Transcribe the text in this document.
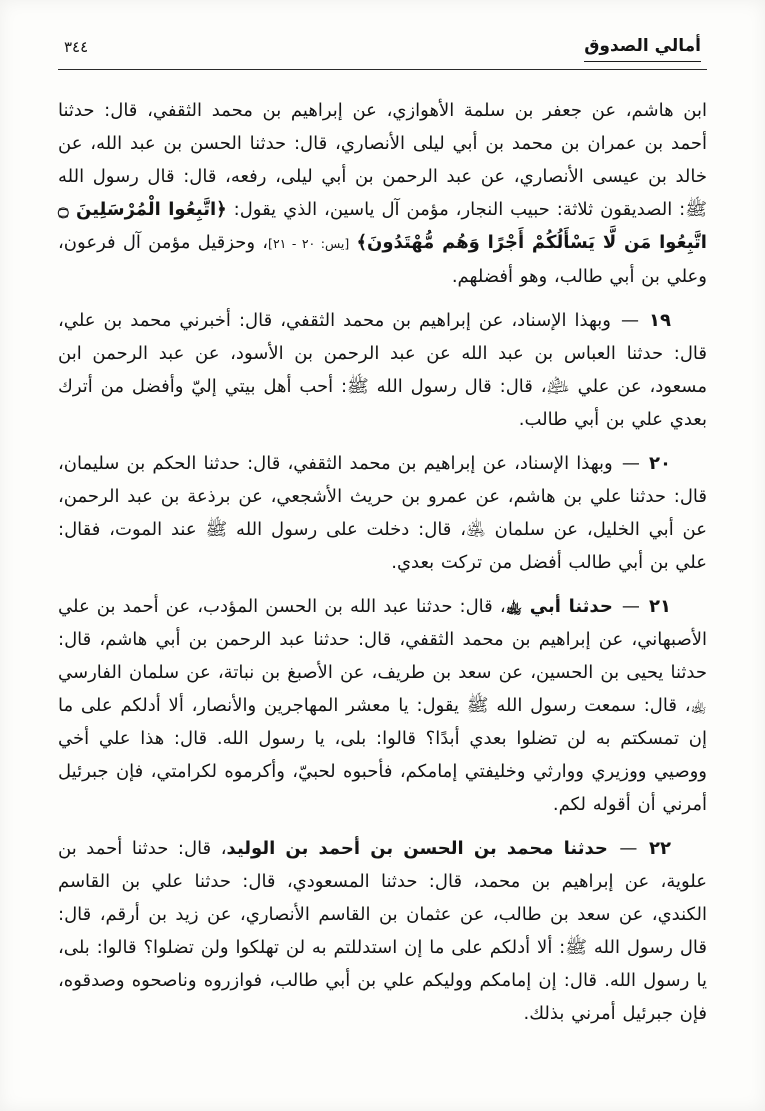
أمالي الصدوق
٣٤٤

ابن هاشم، عن جعفر بن سلمة الأهوازي، عن إبراهيم بن محمد الثقفي، قال: حدثنا أحمد بن عمران بن محمد بن أبي ليلى الأنصاري، قال: حدثنا الحسن بن عبد الله، عن خالد بن عيسى الأنصاري، عن عبد الرحمن بن أبي ليلى، رفعه، قال: قال رسول الله ﷺ: الصديقون ثلاثة: حبيب النجار، مؤمن آل ياسين، الذي يقول: ﴿اتَّبِعُوا الْمُرْسَلِينَ ۝ اتَّبِعُوا مَن لَّا يَسْأَلُكُمْ أَجْرًا وَهُم مُّهْتَدُونَ﴾ [يس: ٢٠ - ٢١]، وحزقيل مؤمن آل فرعون، وعلي بن أبي طالب، وهو أفضلهم.

١٩ — وبهذا الإسناد، عن إبراهيم بن محمد الثقفي، قال: أخبرني محمد بن علي، قال: حدثنا العباس بن عبد الله عن عبد الرحمن بن الأسود، عن عبد الرحمن ابن مسعود، عن علي ﵇، قال: قال رسول الله ﷺ: أحب أهل بيتي إليّ وأفضل من أترك بعدي علي بن أبي طالب.

٢٠ — وبهذا الإسناد، عن إبراهيم بن محمد الثقفي، قال: حدثنا الحكم بن سليمان، قال: حدثنا علي بن هاشم، عن عمرو بن حريث الأشجعي، عن برذعة بن عبد الرحمن، عن أبي الخليل، عن سلمان ﵁، قال: دخلت على رسول الله ﷺ عند الموت، فقال: علي بن أبي طالب أفضل من تركت بعدي.

٢١ — حدثنا أبي ﵀، قال: حدثنا عبد الله بن الحسن المؤدب، عن أحمد بن علي الأصبهاني، عن إبراهيم بن محمد الثقفي، قال: حدثنا عبد الرحمن بن أبي هاشم، قال: حدثنا يحيى بن الحسين، عن سعد بن طريف، عن الأصبغ بن نباتة، عن سلمان الفارسي ﵀، قال: سمعت رسول الله ﷺ يقول: يا معشر المهاجرين والأنصار، ألا أدلكم على ما إن تمسكتم به لن تضلوا بعدي أبدًا؟ قالوا: بلى، يا رسول الله. قال: هذا علي أخي ووصيي ووزيري ووارثي وخليفتي إمامكم، فأحبوه لحبيّ، وأكرموه لكرامتي، فإن جبرئيل أمرني أن أقوله لكم.

٢٢ — حدثنا محمد بن الحسن بن أحمد بن الوليد، قال: حدثنا أحمد بن علوية، عن إبراهيم بن محمد، قال: حدثنا المسعودي، قال: حدثنا علي بن القاسم الكندي، عن سعد بن طالب، عن عثمان بن القاسم الأنصاري، عن زيد بن أرقم، قال: قال رسول الله ﷺ: ألا أدلكم على ما إن استدللتم به لن تهلكوا ولن تضلوا؟ قالوا: بلى، يا رسول الله. قال: إن إمامكم ووليكم علي بن أبي طالب، فوازروه وناصحوه وصدقوه، فإن جبرئيل أمرني بذلك.
